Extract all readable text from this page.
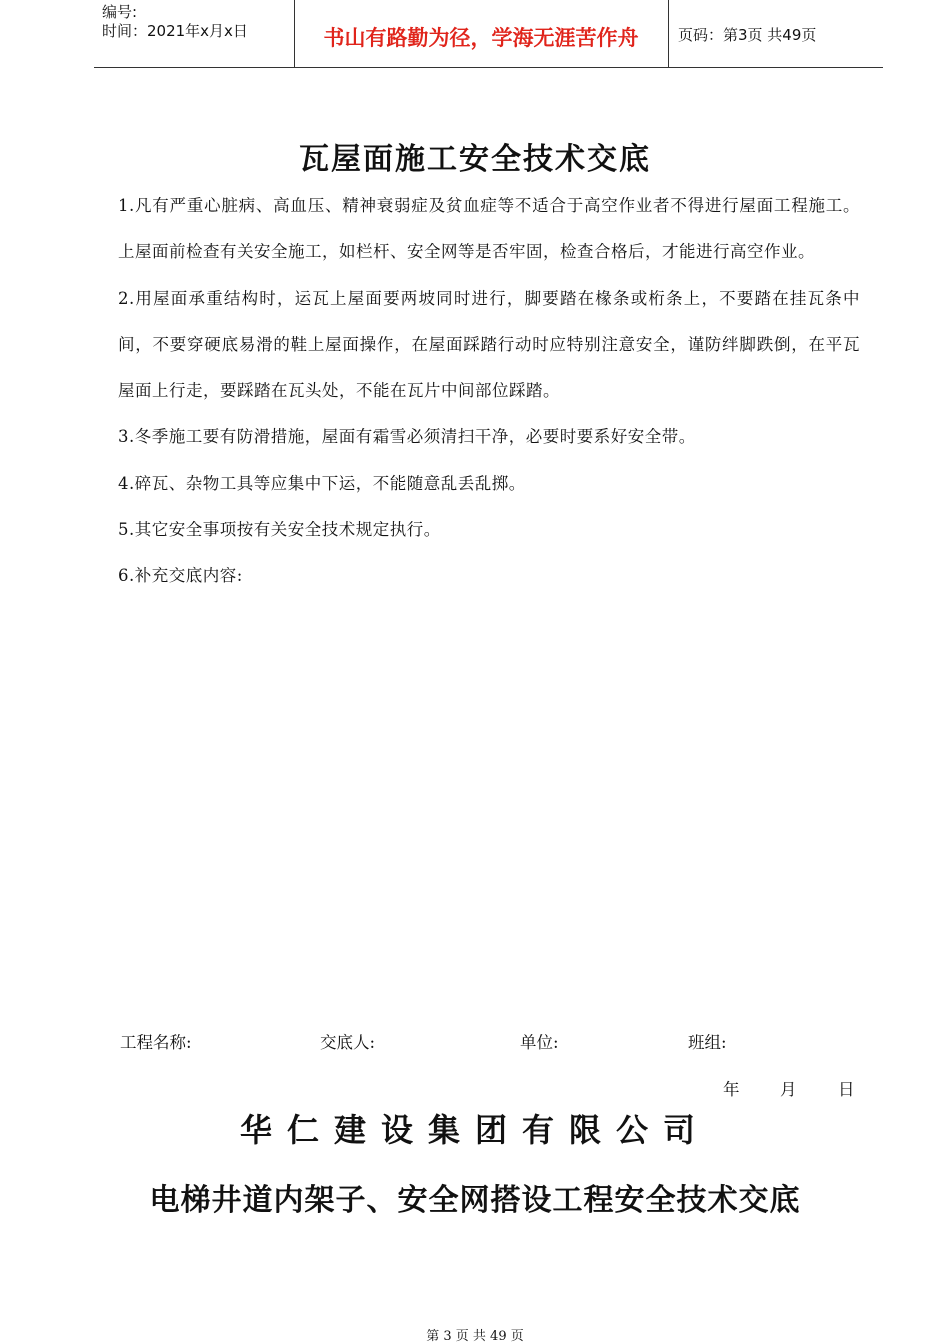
编号:
时间：2021年x月x日	书山有路勤为径，学海无涯苦作舟	页码：第3页 共49页
瓦屋面施工安全技术交底

1.凡有严重心脏病、高血压、精神衰弱症及贫血症等不适合于高空作业者不得进行屋面工程施工。上屋面前检查有关安全施工，如栏杆、安全网等是否牢固，检查合格后，才能进行高空作业。

2.用屋面承重结构时，运瓦上屋面要两坡同时进行，脚要踏在椽条或桁条上，不要踏在挂瓦条中间，不要穿硬底易滑的鞋上屋面操作，在屋面踩踏行动时应特别注意安全，谨防绊脚跌倒，在平瓦屋面上行走，要踩踏在瓦头处，不能在瓦片中间部位踩踏。

3.冬季施工要有防滑措施，屋面有霜雪必须清扫干净，必要时要系好安全带。

4.碎瓦、杂物工具等应集中下运，不能随意乱丢乱掷。

5.其它安全事项按有关安全技术规定执行。

6.补充交底内容:

工程名称:	交底人:	单位:	班组:
年 月	日
华仁建设集团有限公司
电梯井道内架子、安全网搭设工程安全技术交底
第 3 页 共 49 页
